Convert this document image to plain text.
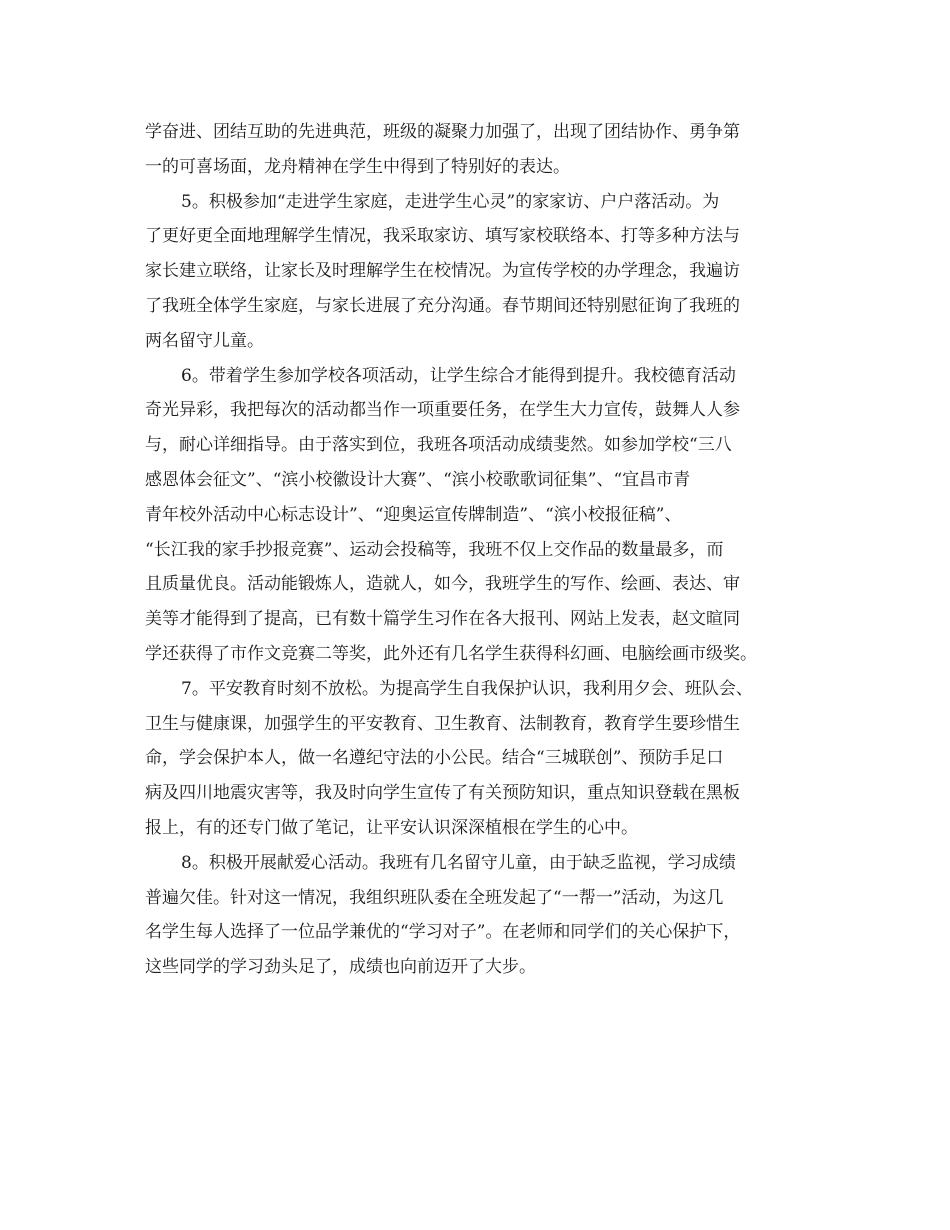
学奋进、团结互助的先进典范，班级的凝聚力加强了，出现了团结协作、勇争第
一的可喜场面，龙舟精神在学生中得到了特别好的表达。
5。积极参加“走进学生家庭，走进学生心灵”的家家访、户户落活动。为
了更好更全面地理解学生情况，我采取家访、填写家校联络本、打等多种方法与
家长建立联络，让家长及时理解学生在校情况。为宣传学校的办学理念，我遍访
了我班全体学生家庭，与家长进展了充分沟通。春节期间还特别慰征询了我班的
两名留守儿童。
6。带着学生参加学校各项活动，让学生综合才能得到提升。我校德育活动
奇光异彩，我把每次的活动都当作一项重要任务，在学生大力宣传，鼓舞人人参
与，耐心详细指导。由于落实到位，我班各项活动成绩斐然。如参加学校“三八
感恩体会征文”、“滨小校徽设计大赛”、“滨小校歌歌词征集”、“宜昌市青
青年校外活动中心标志设计”、“迎奥运宣传牌制造”、“滨小校报征稿”、
“长江我的家手抄报竞赛”、运动会投稿等，我班不仅上交作品的数量最多，而
且质量优良。活动能锻炼人，造就人，如今，我班学生的写作、绘画、表达、审
美等才能得到了提高，已有数十篇学生习作在各大报刊、网站上发表，赵文暄同
学还获得了市作文竞赛二等奖，此外还有几名学生获得科幻画、电脑绘画市级奖。
7。平安教育时刻不放松。为提高学生自我保护认识，我利用夕会、班队会、
卫生与健康课，加强学生的平安教育、卫生教育、法制教育，教育学生要珍惜生
命，学会保护本人，做一名遵纪守法的小公民。结合“三城联创”、预防手足口
病及四川地震灾害等，我及时向学生宣传了有关预防知识，重点知识登载在黑板
报上，有的还专门做了笔记，让平安认识深深植根在学生的心中。
8。积极开展献爱心活动。我班有几名留守儿童，由于缺乏监视，学习成绩
普遍欠佳。针对这一情况，我组织班队委在全班发起了“一帮一”活动，为这几
名学生每人选择了一位品学兼优的“学习对子”。在老师和同学们的关心保护下，
这些同学的学习劲头足了，成绩也向前迈开了大步。
